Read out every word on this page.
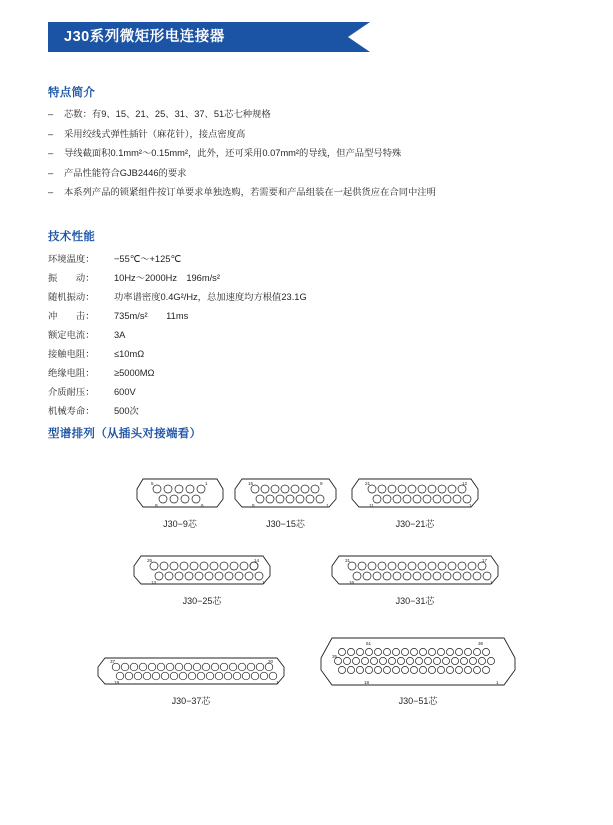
J30系列微矩形电连接器
特点简介
– 芯数：有9、15、21、25、31、37、51芯七种规格
– 采用绞线式弹性插针（麻花针），接点密度高
– 导线截面积0.1mm²～0.15mm²，此外，还可采用0.07mm²的导线，但产品型号特殊
– 产品性能符合GJB2446的要求
– 本系列产品的锁紧组件按订单要求单独选购，若需要和产品组装在一起供货应在合同中注明
技术性能
环境温度： −55℃～+125℃
振　　动： 10Hz～2000Hz　196m/s²
随机振动： 功率谱密度0.4G²/Hz，总加速度均方根值23.1G
冲　　击： 735m/s²　　11ms
额定电流： 3A
接触电阻： ≤10mΩ
绝缘电阻： ≥5000MΩ
介质耐压： 600V
机械寿命： 500次
型谱排列（从插头对接端看）
5	1
9	6
J30−9芯
15	9
8	1
J30−15芯
21	12
11	1
J30−21芯
25	14
13	1
J30−25芯
31	17
16	1
J30−31芯
37	20
19	1
J30−37芯
51	36
35
18	1
J30−51芯
